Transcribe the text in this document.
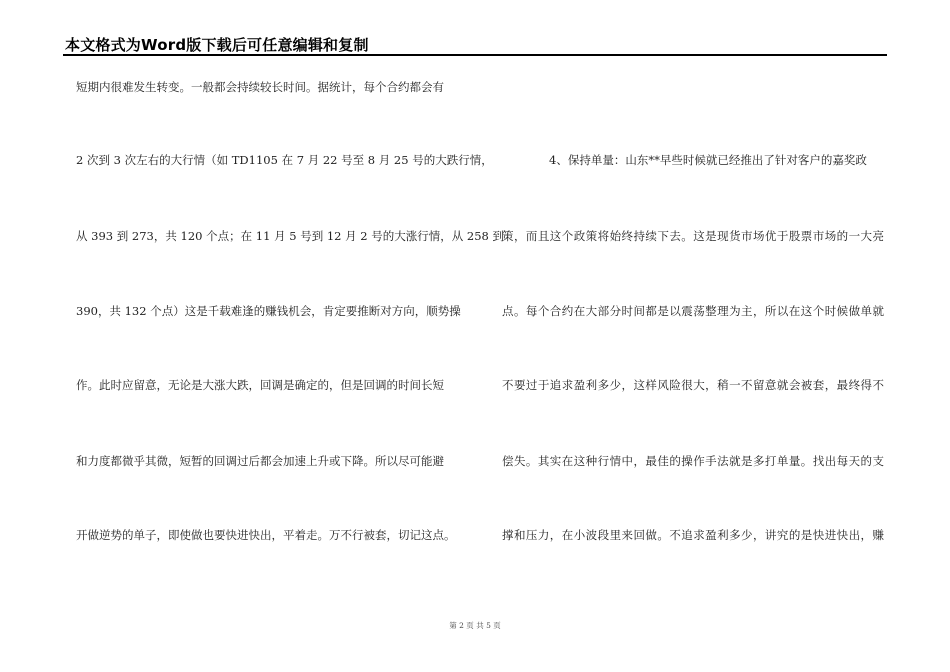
本文格式为Word版下载后可任意编辑和复制
短期内很难发生转变。一般都会持续较长时间。据统计，每个合约都会有
2 次到 3 次左右的大行情（如 TD1105 在 7 月 22 号至 8 月 25 号的大跌行情，
从 393 到 273，共 120 个点；在 11 月 5 号到 12 月 2 号的大涨行情，从 258 到
390，共 132 个点）这是千载难逢的赚钱机会，肯定要推断对方向，顺势操
作。此时应留意，无论是大涨大跌，回调是确定的，但是回调的时间长短
和力度都微乎其微，短暂的回调过后都会加速上升或下降。所以尽可能避
开做逆势的单子，即使做也要快进快出，平着走。万不行被套，切记这点。
4、保持单量：山东**早些时候就已经推出了针对客户的嘉奖政
策，而且这个政策将始终持续下去。这是现货市场优于股票市场的一大亮
点。每个合约在大部分时间都是以震荡整理为主，所以在这个时候做单就
不要过于追求盈利多少，这样风险很大，稍一不留意就会被套，最终得不
偿失。其实在这种行情中，最佳的操作手法就是多打单量。找出每天的支
撑和压力，在小波段里来回做。不追求盈利多少，讲究的是快进快出，赚
第 2 页 共 5 页
